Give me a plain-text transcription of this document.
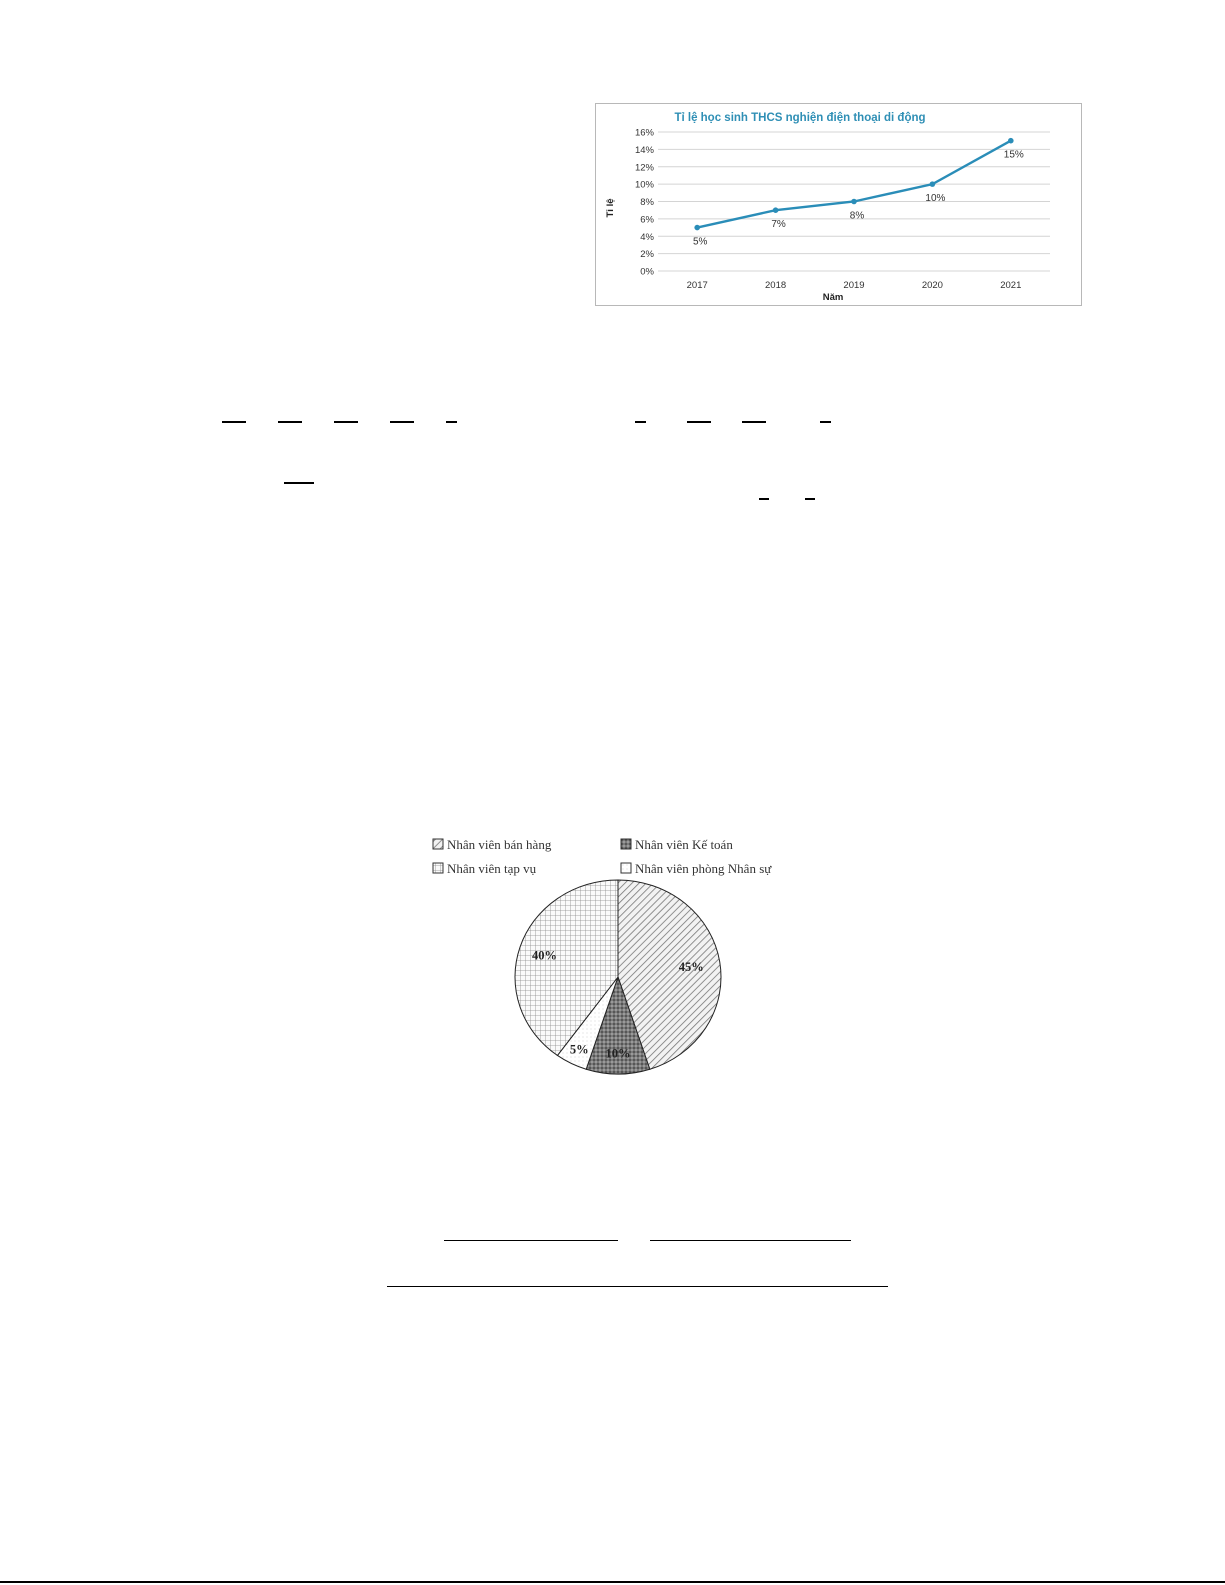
Tỉ lệ học sinh THCS nghiện điện thoại di động
Tỉ lệ
Năm
0%
2%
4%
6%
8%
10%
12%
14%
16%
2017	2018	2019	2020	2021
5%
7%
8%
10%
15%
Nhân viên bán hàng	Nhân viên Kế toán
Nhân viên tạp vụ	Nhân viên phòng Nhân sự
45%
10%
5%
40%
